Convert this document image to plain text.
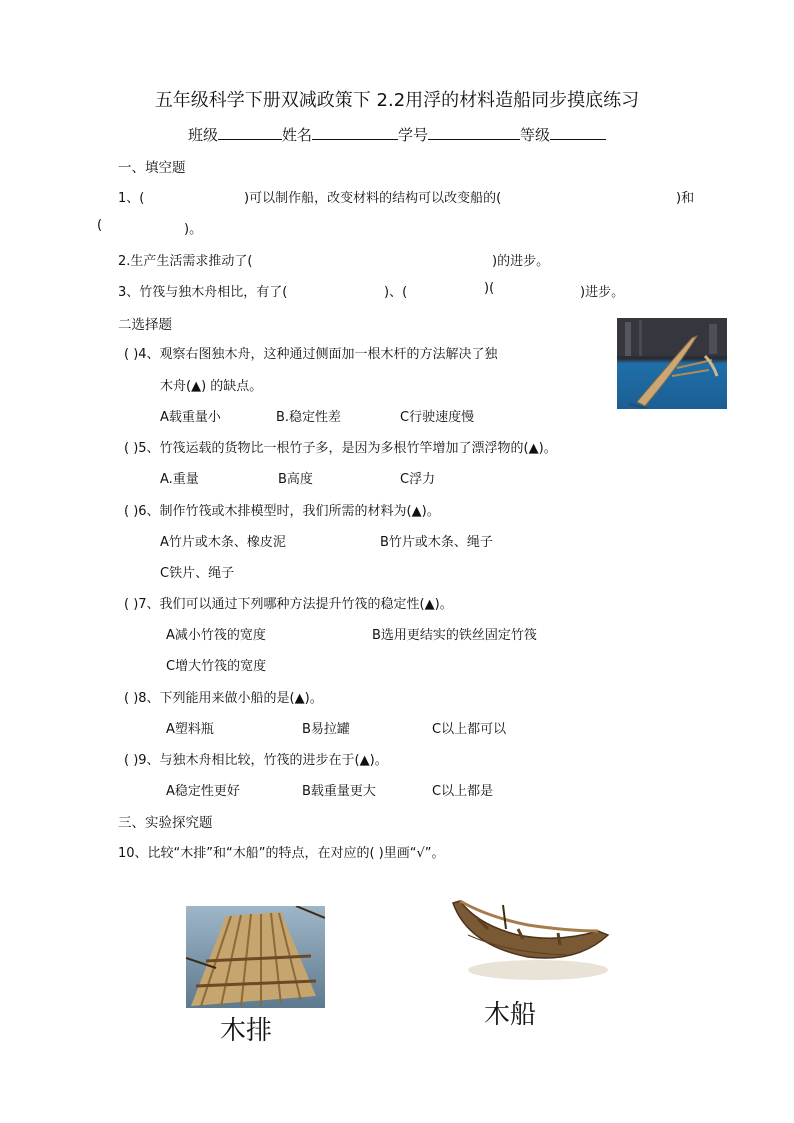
五年级科学下册双减政策下 2.2用浮的材料造船同步摸底练习
班级	姓名	学号	等级
一、填空题
1、(	)可以制作船，改变材料的结构可以改变船的(	)和
(	)。
2.生产生活需求推动了(	)的进步。
3、竹筏与独木舟相比，有了(	)、(	)(	)进步。
二选择题
( )4、观察右图独木舟，这种通过侧面加一根木杆的方法解决了独
木舟(▲) 的缺点。
A载重量小	B.稳定性差	C行驶速度慢
( )5、竹筏运载的货物比一根竹子多，是因为多根竹竿增加了漂浮物的(▲)。
A.重量	B高度	C浮力
( )6、制作竹筏或木排模型时，我们所需的材料为(▲)。
A竹片或木条、橡皮泥	B竹片或木条、绳子
C铁片、绳子
( )7、我们可以通过下列哪种方法提升竹筏的稳定性(▲)。
A减小竹筏的宽度	B选用更结实的铁丝固定竹筏
C增大竹筏的宽度
( )8、下列能用来做小船的是(▲)。
A塑料瓶	B易拉罐	C以上都可以
( )9、与独木舟相比较，竹筏的进步在于(▲)。
A稳定性更好	B载重量更大	C以上都是
三、实验探究题
10、比较“木排”和“木船”的特点，在对应的( )里画“√”。
木排
木船
